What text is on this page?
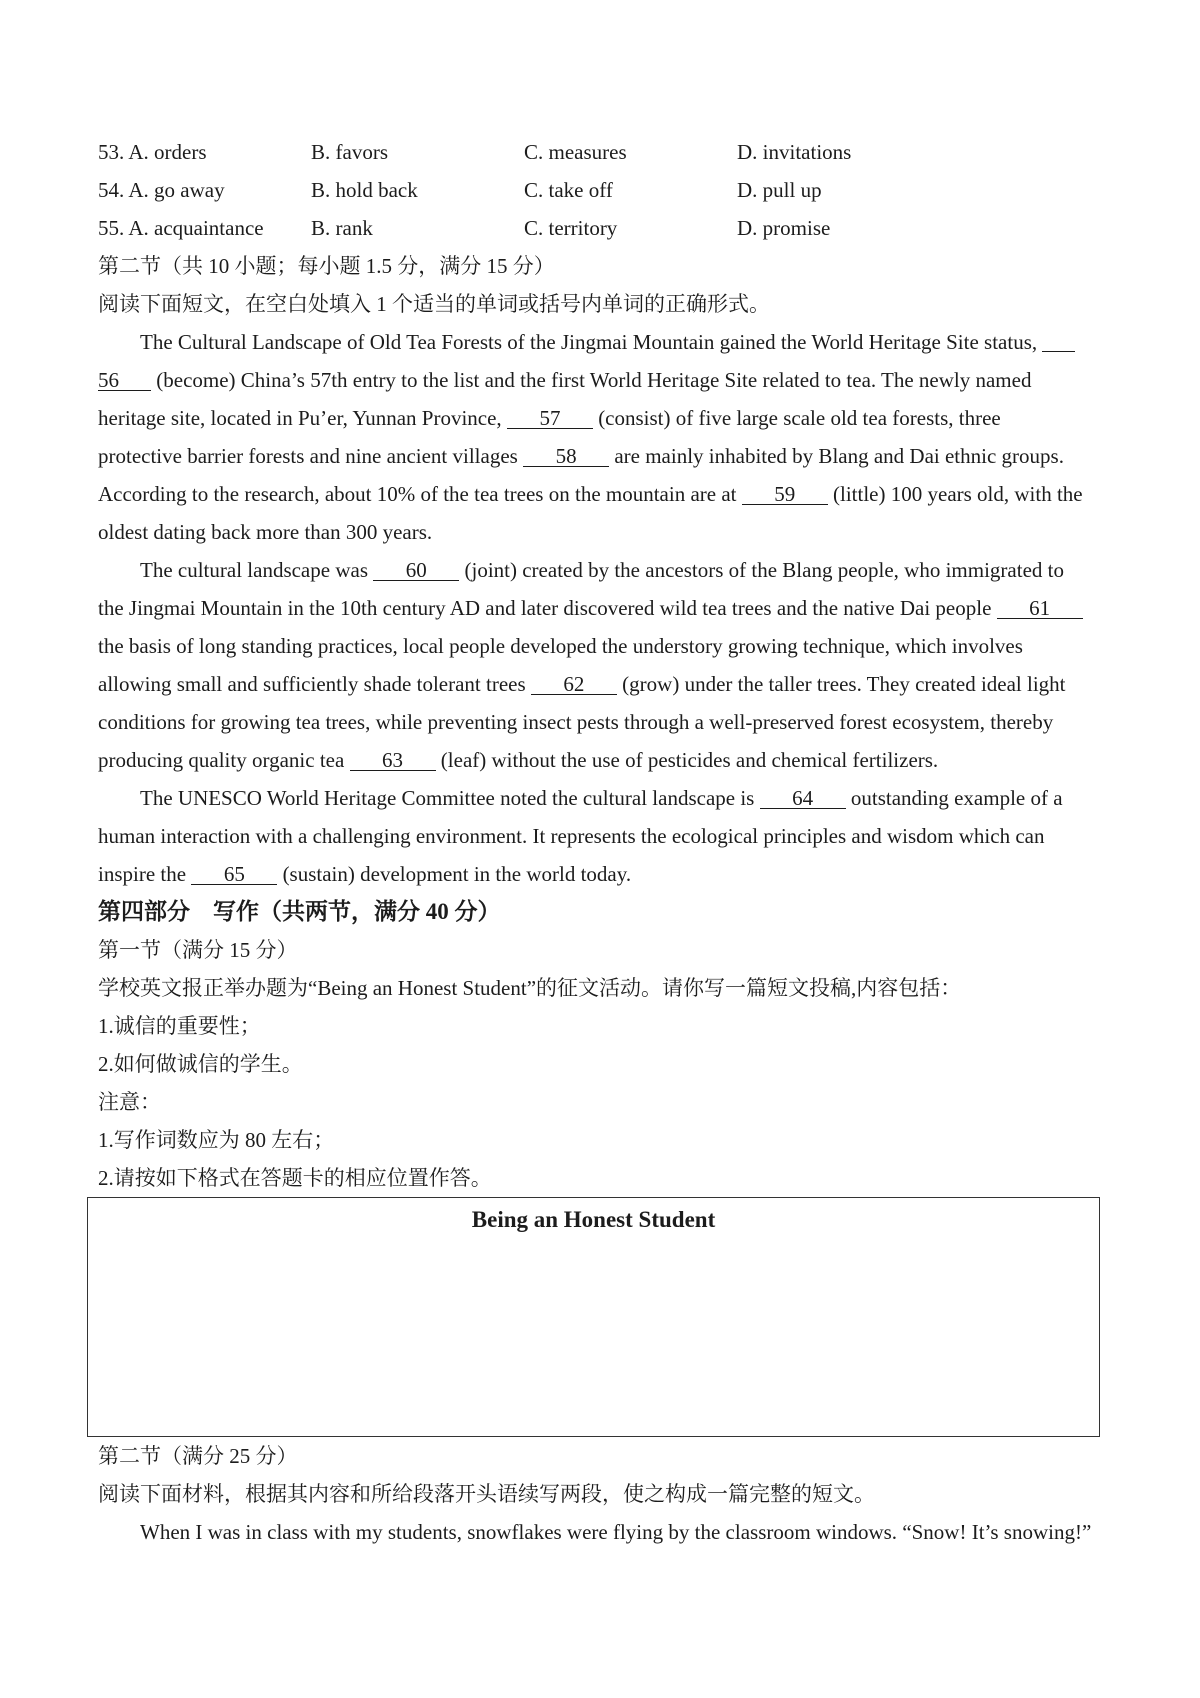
53. A. orders	B. favors	C. measures	D. invitations
54. A. go away	B. hold back	C. take off	D. pull up
55. A. acquaintance	B. rank	C. territory	D. promise
第二节（共 10 小题；每小题 1.5 分，满分 15 分）
阅读下面短文，在空白处填入 1 个适当的单词或括号内单词的正确形式。
The Cultural Landscape of Old Tea Forests of the Jingmai Mountain gained the World Heritage Site status,
56 (become) China’s 57th entry to the list and the first World Heritage Site related to tea. The newly named
heritage site, located in Pu’er, Yunnan Province, 57 (consist) of five large scale old tea forests, three
protective barrier forests and nine ancient villages 58 are mainly inhabited by Blang and Dai ethnic groups.
According to the research, about 10% of the tea trees on the mountain are at 59 (little) 100 years old, with the
oldest dating back more than 300 years.
The cultural landscape was 60 (joint) created by the ancestors of the Blang people, who immigrated to
the Jingmai Mountain in the 10th century AD and later discovered wild tea trees and the native Dai people 61
the basis of long standing practices, local people developed the understory growing technique, which involves
allowing small and sufficiently shade tolerant trees 62 (grow) under the taller trees. They created ideal light
conditions for growing tea trees, while preventing insect pests through a well-preserved forest ecosystem, thereby
producing quality organic tea 63 (leaf) without the use of pesticides and chemical fertilizers.
The UNESCO World Heritage Committee noted the cultural landscape is 64 outstanding example of a
human interaction with a challenging environment. It represents the ecological principles and wisdom which can
inspire the 65 (sustain) development in the world today.
第四部分　写作（共两节，满分 40 分）
第一节（满分 15 分）
学校英文报正举办题为“Being an Honest Student”的征文活动。请你写一篇短文投稿,内容包括：
1.诚信的重要性；
2.如何做诚信的学生。
注意：
1.写作词数应为 80 左右；
2.请按如下格式在答题卡的相应位置作答。
Being an Honest Student
第二节（满分 25 分）
阅读下面材料，根据其内容和所给段落开头语续写两段，使之构成一篇完整的短文。
When I was in class with my students, snowflakes were flying by the classroom windows. “Snow! It’s snowing!”
